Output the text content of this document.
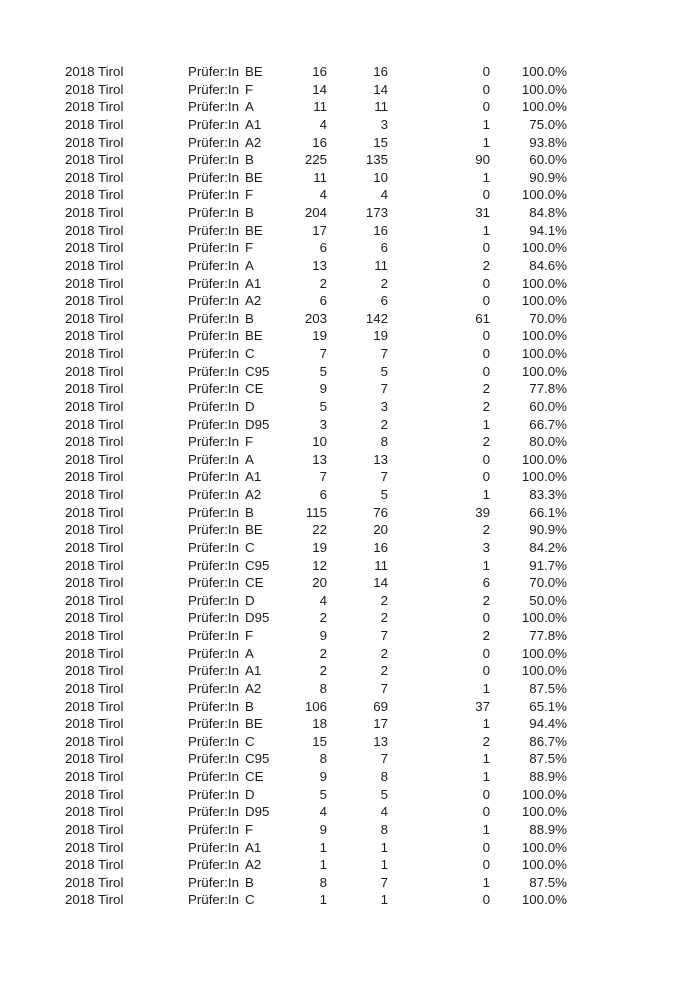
2018 Tirol	Prüfer:In BE	16	16	0	100.0%
2018 Tirol	Prüfer:In F	14	14	0	100.0%
2018 Tirol	Prüfer:In A	11	11	0	100.0%
2018 Tirol	Prüfer:In A1	4	3	1	75.0%
2018 Tirol	Prüfer:In A2	16	15	1	93.8%
2018 Tirol	Prüfer:In B	225	135	90	60.0%
2018 Tirol	Prüfer:In BE	11	10	1	90.9%
2018 Tirol	Prüfer:In F	4	4	0	100.0%
2018 Tirol	Prüfer:In B	204	173	31	84.8%
2018 Tirol	Prüfer:In BE	17	16	1	94.1%
2018 Tirol	Prüfer:In F	6	6	0	100.0%
2018 Tirol	Prüfer:In A	13	11	2	84.6%
2018 Tirol	Prüfer:In A1	2	2	0	100.0%
2018 Tirol	Prüfer:In A2	6	6	0	100.0%
2018 Tirol	Prüfer:In B	203	142	61	70.0%
2018 Tirol	Prüfer:In BE	19	19	0	100.0%
2018 Tirol	Prüfer:In C	7	7	0	100.0%
2018 Tirol	Prüfer:In C95	5	5	0	100.0%
2018 Tirol	Prüfer:In CE	9	7	2	77.8%
2018 Tirol	Prüfer:In D	5	3	2	60.0%
2018 Tirol	Prüfer:In D95	3	2	1	66.7%
2018 Tirol	Prüfer:In F	10	8	2	80.0%
2018 Tirol	Prüfer:In A	13	13	0	100.0%
2018 Tirol	Prüfer:In A1	7	7	0	100.0%
2018 Tirol	Prüfer:In A2	6	5	1	83.3%
2018 Tirol	Prüfer:In B	115	76	39	66.1%
2018 Tirol	Prüfer:In BE	22	20	2	90.9%
2018 Tirol	Prüfer:In C	19	16	3	84.2%
2018 Tirol	Prüfer:In C95	12	11	1	91.7%
2018 Tirol	Prüfer:In CE	20	14	6	70.0%
2018 Tirol	Prüfer:In D	4	2	2	50.0%
2018 Tirol	Prüfer:In D95	2	2	0	100.0%
2018 Tirol	Prüfer:In F	9	7	2	77.8%
2018 Tirol	Prüfer:In A	2	2	0	100.0%
2018 Tirol	Prüfer:In A1	2	2	0	100.0%
2018 Tirol	Prüfer:In A2	8	7	1	87.5%
2018 Tirol	Prüfer:In B	106	69	37	65.1%
2018 Tirol	Prüfer:In BE	18	17	1	94.4%
2018 Tirol	Prüfer:In C	15	13	2	86.7%
2018 Tirol	Prüfer:In C95	8	7	1	87.5%
2018 Tirol	Prüfer:In CE	9	8	1	88.9%
2018 Tirol	Prüfer:In D	5	5	0	100.0%
2018 Tirol	Prüfer:In D95	4	4	0	100.0%
2018 Tirol	Prüfer:In F	9	8	1	88.9%
2018 Tirol	Prüfer:In A1	1	1	0	100.0%
2018 Tirol	Prüfer:In A2	1	1	0	100.0%
2018 Tirol	Prüfer:In B	8	7	1	87.5%
2018 Tirol	Prüfer:In C	1	1	0	100.0%
